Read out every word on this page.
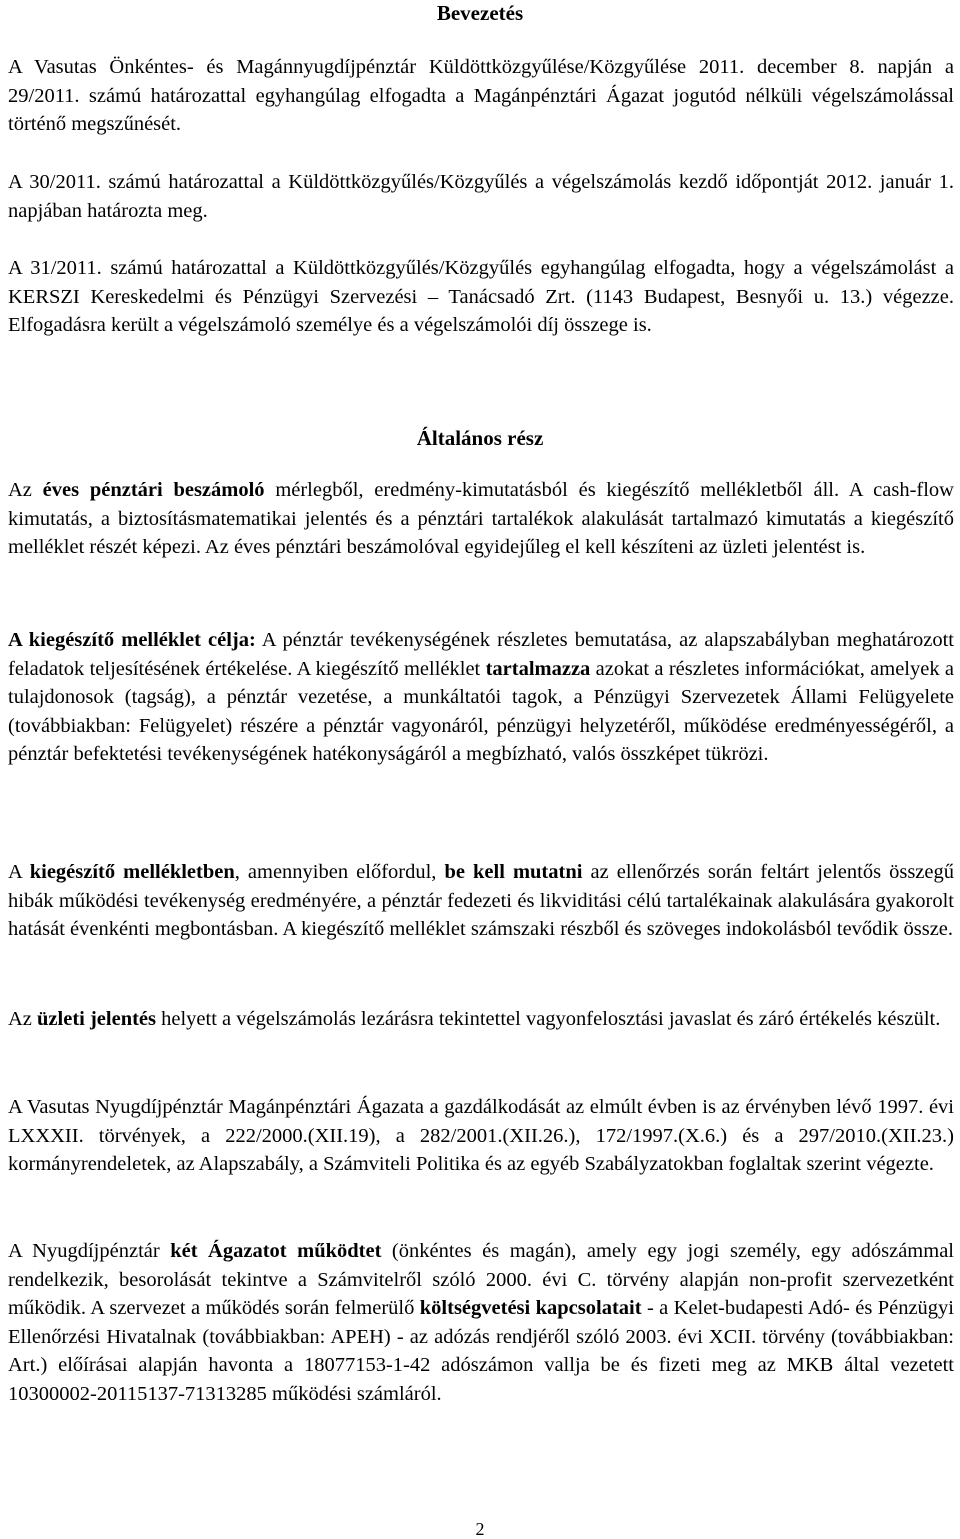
Bevezetés

A Vasutas Önkéntes- és Magánnyugdíjpénztár Küldöttközgyűlése/Közgyűlése 2011. december 8. napján a 29/2011. számú határozattal egyhangúlag elfogadta a Magánpénztári Ágazat jogutód nélküli végelszámolással történő megszűnését.

A 30/2011. számú határozattal a Küldöttközgyűlés/Közgyűlés a végelszámolás kezdő időpontját 2012. január 1. napjában határozta meg.

A 31/2011. számú határozattal a Küldöttközgyűlés/Közgyűlés egyhangúlag elfogadta, hogy a végelszámolást a KERSZI Kereskedelmi és Pénzügyi Szervezési – Tanácsadó Zrt. (1143 Budapest, Besnyői u. 13.) végezze. Elfogadásra került a végelszámoló személye és a végelszámolói díj összege is.

Általános rész

Az éves pénztári beszámoló mérlegből, eredmény-kimutatásból és kiegészítő mellékletből áll. A cash-flow kimutatás, a biztosításmatematikai jelentés és a pénztári tartalékok alakulását tartalmazó kimutatás a kiegészítő melléklet részét képezi. Az éves pénztári beszámolóval egyidejűleg el kell készíteni az üzleti jelentést is.

A kiegészítő melléklet célja: A pénztár tevékenységének részletes bemutatása, az alapszabályban meghatározott feladatok teljesítésének értékelése. A kiegészítő melléklet tartalmazza azokat a részletes információkat, amelyek a tulajdonosok (tagság), a pénztár vezetése, a munkáltatói tagok, a Pénzügyi Szervezetek Állami Felügyelete (továbbiakban: Felügyelet) részére a pénztár vagyonáról, pénzügyi helyzetéről, működése eredményességéről, a pénztár befektetési tevékenységének hatékonyságáról a megbízható, valós összképet tükrözi.

A kiegészítő mellékletben, amennyiben előfordul, be kell mutatni az ellenőrzés során feltárt jelentős összegű hibák működési tevékenység eredményére, a pénztár fedezeti és likviditási célú tartalékainak alakulására gyakorolt hatását évenkénti megbontásban. A kiegészítő melléklet számszaki részből és szöveges indokolásból tevődik össze.

Az üzleti jelentés helyett a végelszámolás lezárásra tekintettel vagyonfelosztási javaslat és záró értékelés készült.

A Vasutas Nyugdíjpénztár Magánpénztári Ágazata a gazdálkodását az elmúlt évben is az érvényben lévő 1997. évi LXXXII. törvények, a 222/2000.(XII.19), a 282/2001.(XII.26.), 172/1997.(X.6.) és a 297/2010.(XII.23.) kormányrendeletek, az Alapszabály, a Számviteli Politika és az egyéb Szabályzatokban foglaltak szerint végezte.

A Nyugdíjpénztár két Ágazatot működtet (önkéntes és magán), amely egy jogi személy, egy adószámmal rendelkezik, besorolását tekintve a Számvitelről szóló 2000. évi C. törvény alapján non-profit szervezetként működik. A szervezet a működés során felmerülő költségvetési kapcsolatait - a Kelet-budapesti Adó- és Pénzügyi Ellenőrzési Hivatalnak (továbbiakban: APEH) - az adózás rendjéről szóló 2003. évi XCII. törvény (továbbiakban: Art.) előírásai alapján havonta a 18077153-1-42 adószámon vallja be és fizeti meg az MKB által vezetett 10300002-20115137-71313285 működési számláról.

2
